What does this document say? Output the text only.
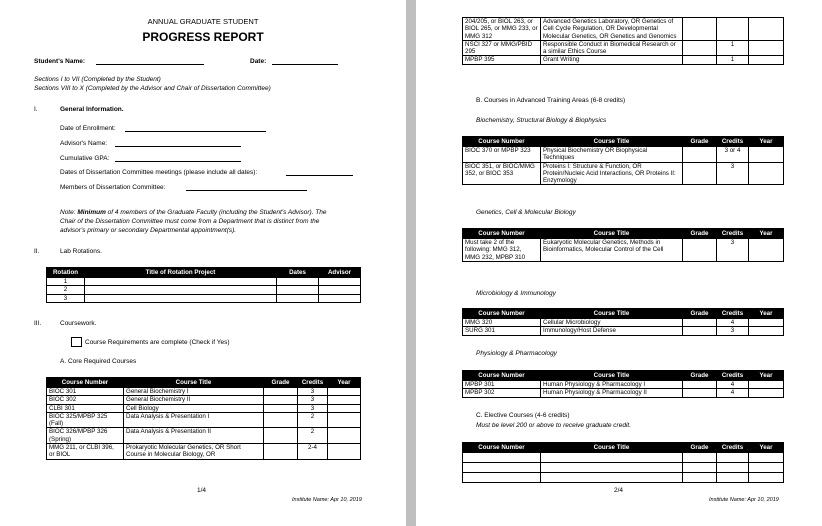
ANNUAL GRADUATE STUDENT
PROGRESS REPORT
Student's Name:	Date:
Sections I to VII (Completed by the Student)
Sections VIII to X (Completed by the Advisor and Chair of Dissertation Committee)
I.	General Information.
Date of Enrollment:
Advisor's Name:
Cumulative GPA:
Dates of Dissertation Committee meetings (please include all dates):
Members of Dissertation Committee:
Note: Minimum of 4 members of the Graduate Faculty (including the Student's Advisor). The
Chair of the Dissertation Committee must come from a Department that is distinct from the
advisor's primary or secondary Departmental appointment(s).
II.	Lab Rotations.
Rotation	Title of Rotation Project	Dates	Advisor
1			
2			
3			
III.	Coursework.
Course Requirements are complete (Check if Yes)
A. Core Required Courses
Course Number	Course Title	Grade	Credits	Year
BIOC 301	General Biochemistry I		3	
BIOC 302	General Biochemistry II		3	
CLBI 301	Cell Biology		3	
BIOC 325/MPBP 325 (Fall)	Data Analysis & Presentation I		2	
BIOC 326/MPBP 326 (Spring)	Data Analysis & Presentation II		2	
MMG 211, or CLBI 396, or BIOL	Prokaryotic Molecular Genetics, OR Short Course in Molecular Biology, OR		2-4	
1/4
Institute Name: Apr 10, 2019
204/205, or BIOL 263, or BIOL 265, or MMG 233, or MMG 312	Advanced Genetics Laboratory, OR Genetics of Cell Cycle Regulation, OR Developmental Molecular Genetics, OR Genetics and Genomics			
NSCI 327 or MMG/PBID 295	Responsible Conduct in Biomedical Research or a similar Ethics Course		1	
MPBP 395	Grant Writing		1	
B. Courses in Advanced Training Areas (6-8 credits)
Biochemistry, Structural Biology & Biophysics
Course Number	Course Title	Grade	Credits	Year
BIOC 370 or MPBP 323	Physical Biochemistry OR Biophysical Techniques		3 or 4	
BIOC 351, or BIOC/MMG 352, or BIOC 353	Proteins I: Structure & Function, OR Protein/Nucleic Acid Interactions, OR Proteins II: Enzymology		3	
Genetics, Cell & Molecular Biology
Course Number	Course Title	Grade	Credits	Year
Must take 2 of the following: MMG 312, MMG 232, MPBP 310	Eukaryotic Molecular Genetics, Methods in Bioinformatics, Molecular Control of the Cell		3	
Microbiology & Immunology
Course Number	Course Title	Grade	Credits	Year
MMG 320	Cellular Microbiology		4	
SURG 301	Immunology/Host Defense		3	
Physiology & Pharmacology
Course Number	Course Title	Grade	Credits	Year
MPBP 301	Human Physiology & Pharmacology I		4	
MPBP 302	Human Physiology & Pharmacology II		4	
C. Elective Courses (4-6 credits)
Must be level 200 or above to receive graduate credit.
Course Number	Course Title	Grade	Credits	Year

2/4
Institute Name: Apr 10, 2019
